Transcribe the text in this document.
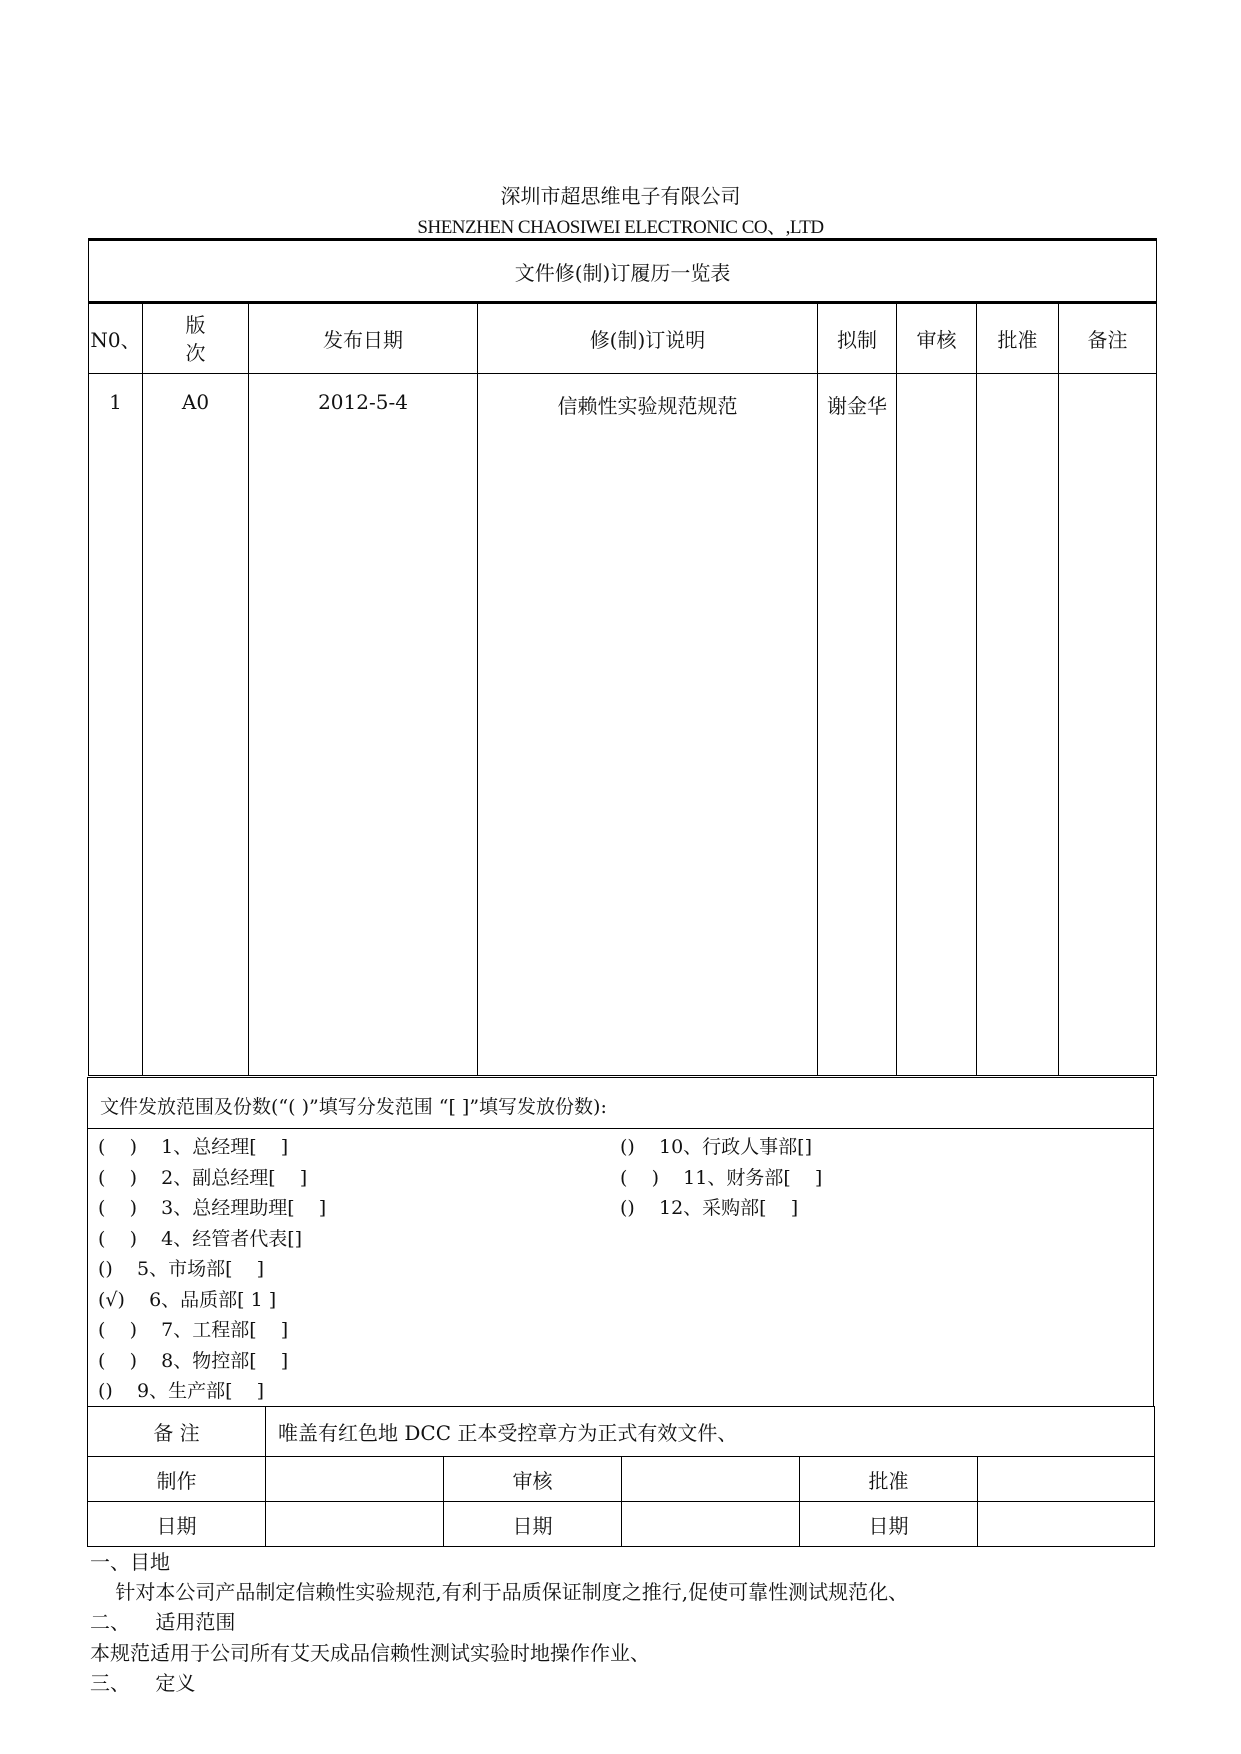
深圳市超思维电子有限公司
SHENZHEN CHAOSIWEI ELECTRONIC CO、,LTD
文件修(制)订履历一览表							
N0、	版次	发布日期	修(制)订说明	拟制	审核	批准	备注
1	A0	2012-5-4	信赖性实验规范规范	谢金华			
文件发放范围及份数(“( )”填写分发范围 “[ ]”填写发放份数):
(    )    1、总经理[    ]
(    )    2、副总经理[    ]
(    )    3、总经理助理[    ]
(    )    4、经管者代表[]
()    5、市场部[    ]
(√)    6、品质部[ 1 ]
(    )    7、工程部[    ]
(    )    8、物控部[    ]
()    9、生产部[    ]
()    10、行政人事部[]
(    )    11、财务部[    ]
()    12、采购部[    ]
备 注	唯盖有红色地 DCC 正本受控章方为正式有效文件、				
制作		审核		批准	
日期		日期		日期	
一、目地
针对本公司产品制定信赖性实验规范,有利于品质保证制度之推行,促使可靠性测试规范化、
二、    适用范围
本规范适用于公司所有艾天成品信赖性测试实验时地操作作业、
三、    定义
